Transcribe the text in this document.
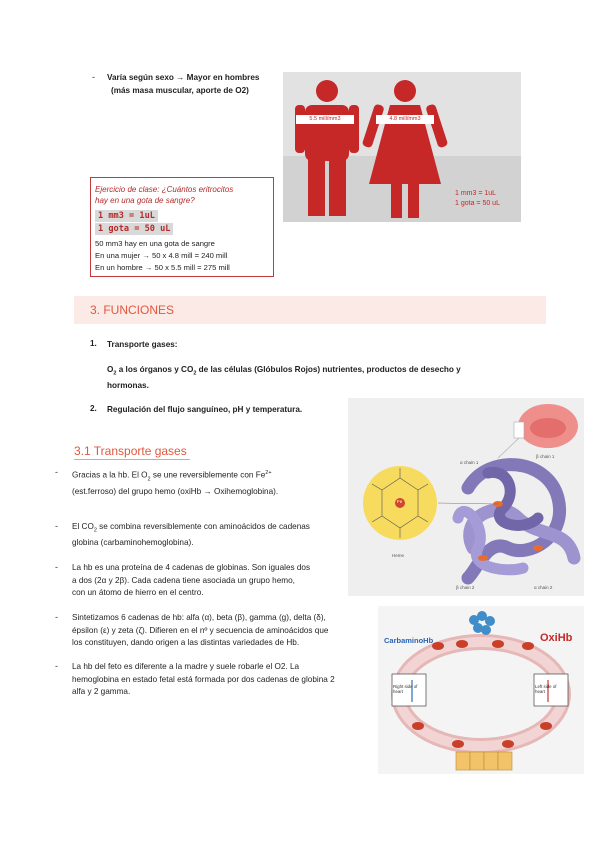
- Varía según sexo → Mayor en hombres
(más masa muscular, aporte de O2)
5.5 mill/mm3	4.8 mill/mm3
1 mm3 = 1uL
1 gota = 50 uL
Ejercicio de clase: ¿Cuántos eritrocitos
hay en una gota de sangre?
1 mm3 = 1uL
1 gota = 50 uL
50 mm3 hay en una gota de sangre
En una mujer → 50 x 4.8 mill = 240 mill
En un hombre → 50 x 5.5 mill = 275 mill
3. FUNCIONES
1. Transporte gases:
$O_2$ a los órganos y $CO_2$ de las células (Glóbulos Rojos) nutrientes, productos de desecho y
hormonas.
2. Regulación del flujo sanguíneo, pH y temperatura.
β chain 1
α chain 1
β chain 2	α chain 2
Heme
Fe
3.1 Transporte gases
- Gracias a la hb. El $O_2$ se une reversiblemente con $Fe^{2+}$
(est.ferroso) del grupo hemo (oxiHb → Oxihemoglobina).
- El $CO_2$ se combina reversiblemente con aminoácidos de cadenas
globina (carbaminohemoglobina).
- La hb es una proteína de 4 cadenas de globinas. Son iguales dos
a dos (2α y 2β). Cada cadena tiene asociada un grupo hemo,
con un átomo de hierro en el centro.
- Sintetizamos 6 cadenas de hb: alfa (α), beta (β), gamma (g), delta (δ),
épsilon (ε) y zeta (ζ). Difieren en el nº y secuencia de aminoácidos que
los constituyen, dando origen a las distintas variedades de Hb.
- La hb del feto es diferente a la madre y suele robarle el O2. La
hemoglobina en estado fetal está formada por dos cadenas de globina 2
alfa y 2 gamma.
CarbaminoHb	OxiHb
Right side of heart
Left side of heart
